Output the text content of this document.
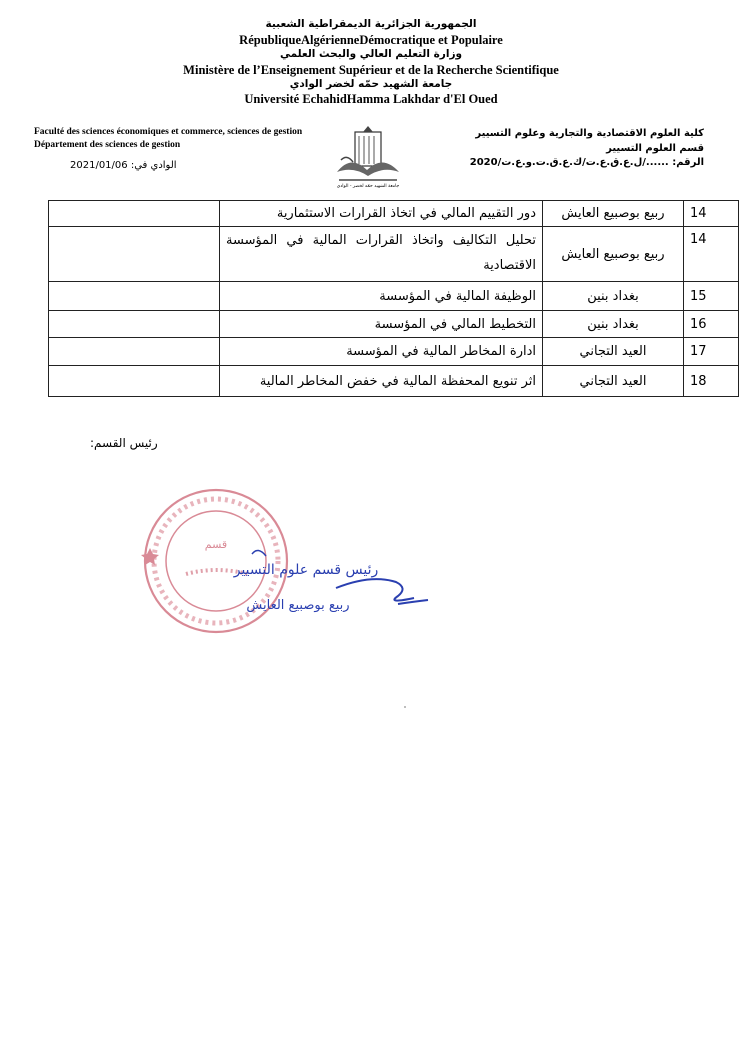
الجمهورية الجزائرية الديمقراطية الشعبية
RépubliqueAlgérienneDémocratique et Populaire
وزارة التعليم العالي والبحث العلمي
Ministère de l’Enseignement Supérieur et de la Recherche Scientifique
جامعة الشهيد حمّه لخضر الوادي
Université EchahidHamma Lakhdar d'El Oued
Faculté des sciences économiques et commerce, sciences de gestion
Département des sciences de gestion
الوادي في: 2021/01/06
كلية العلوم الاقتصادية والتجارية وعلوم التسيير
قسم العلوم التسيير
الرقم: ....../ل.ع.ق.ع.ت/ك.ع.ق.ت.و.ع.ت/2020
جامعة الشهيد حمّه لخضر - الوادي
14	ربيع بوصبيع العايش	دور التقييم المالي في اتخاذ القرارات الاستثمارية	
14	ربيع بوصبيع العايش	تحليل التكاليف واتخاذ القرارات المالية في المؤسسة الاقتصادية	
15	بغداد بنين	الوظيفة المالية في المؤسسة	
16	بغداد بنين	التخطيط المالي في المؤسسة	
17	العيد التجاني	ادارة المخاطر المالية في المؤسسة	
18	العيد التجاني	اثر تنويع المحفظة المالية في خفض المخاطر المالية	
رئيس القسم:
قسم
رئيس قسم علوم التسيير
ربيع بوصبيع العايش
